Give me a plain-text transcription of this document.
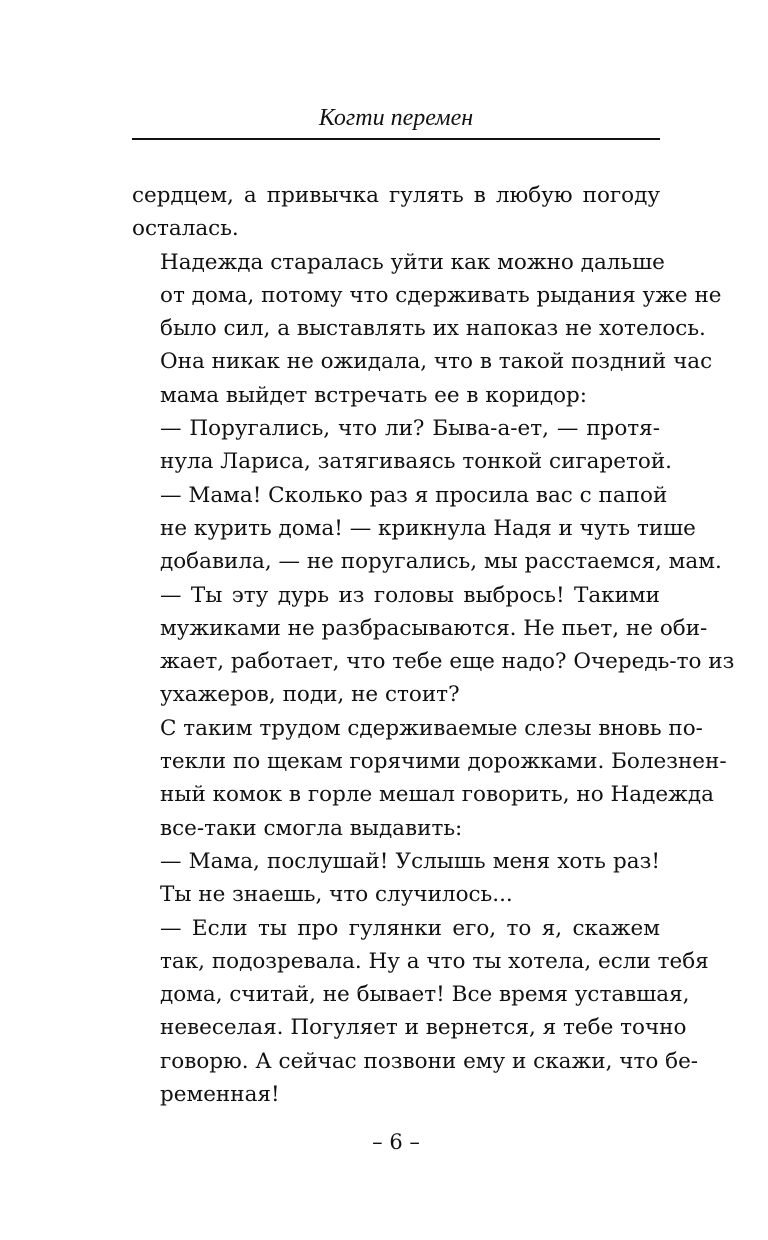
Когти перемен

сердцем, а привычка гулять в любую погоду
осталась.

Надежда старалась уйти как можно дальше
от дома, потому что сдерживать рыдания уже не
было сил, а выставлять их напоказ не хотелось.
Она никак не ожидала, что в такой поздний час
мама выйдет встречать ее в коридор:

— Поругались, что ли? Быва-а-ет, — протя-
нула Лариса, затягиваясь тонкой сигаретой.

— Мама! Сколько раз я просила вас с папой
не курить дома! — крикнула Надя и чуть тише
добавила, — не поругались, мы расстаемся, мам.

— Ты эту дурь из головы выбрось! Такими
мужиками не разбрасываются. Не пьет, не оби-
жает, работает, что тебе еще надо? Очередь-то из
ухажеров, поди, не стоит?

С таким трудом сдерживаемые слезы вновь по-
текли по щекам горячими дорожками. Болезнен-
ный комок в горле мешал говорить, но Надежда
все-таки смогла выдавить:

— Мама, послушай! Услышь меня хоть раз!
Ты не знаешь, что случилось...

— Если ты про гулянки его, то я, скажем
так, подозревала. Ну а что ты хотела, если тебя
дома, считай, не бывает! Все время уставшая,
невеселая. Погуляет и вернется, я тебе точно
говорю. А сейчас позвони ему и скажи, что бе-
ременная!

– 6 –
